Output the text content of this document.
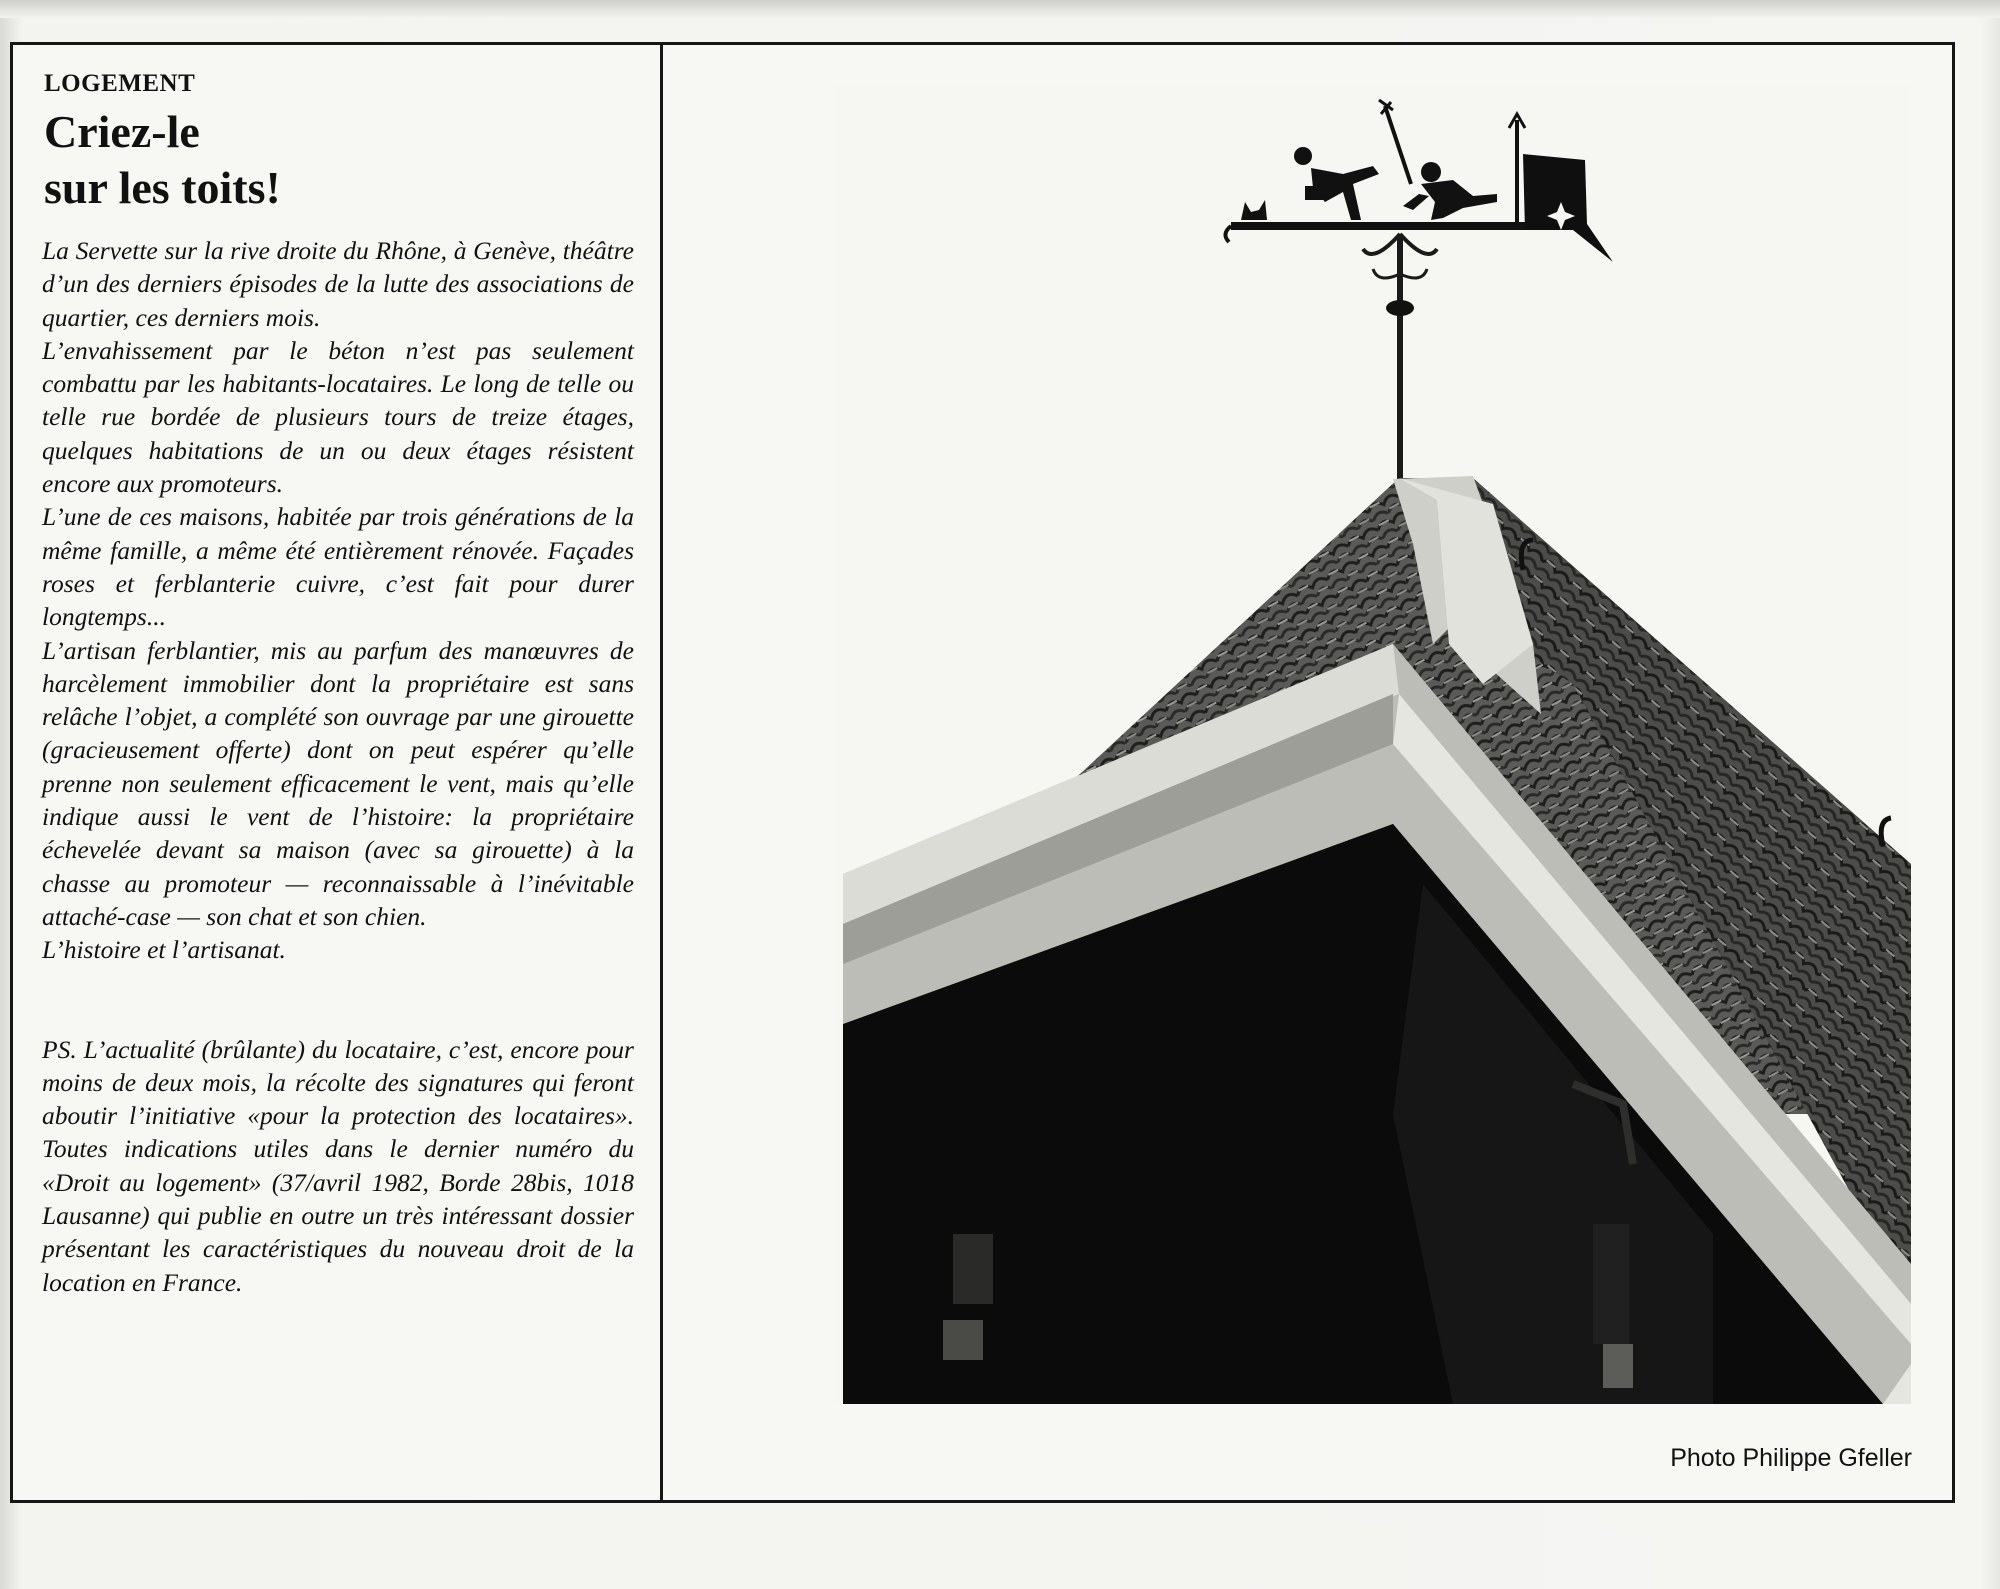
LOGEMENT
Criez-le
sur les toits!

La Servette sur la rive droite du Rhône, à Genève, théâtre d’un des derniers épisodes de la lutte des associations de quartier, ces derniers mois.

L’envahissement par le béton n’est pas seulement combattu par les habitants-locataires. Le long de telle ou telle rue bordée de plusieurs tours de treize étages, quelques habitations de un ou deux étages résistent encore aux promoteurs.

L’une de ces maisons, habitée par trois générations de la même famille, a même été entièrement rénovée. Façades roses et ferblanterie cuivre, c’est fait pour durer longtemps...

L’artisan ferblantier, mis au parfum des manœuvres de harcèlement immobilier dont la propriétaire est sans relâche l’objet, a complété son ouvrage par une girouette (gracieusement offerte) dont on peut espérer qu’elle prenne non seulement efficacement le vent, mais qu’elle indique aussi le vent de l’histoire: la propriétaire échevelée devant sa maison (avec sa girouette) à la chasse au promoteur — reconnaissable à l’inévitable attaché-case — son chat et son chien.

L’histoire et l’artisanat.

PS. L’actualité (brûlante) du locataire, c’est, encore pour moins de deux mois, la récolte des signatures qui feront aboutir l’initiative «pour la protection des locataires». Toutes indications utiles dans le dernier numéro du «Droit au logement» (37/avril 1982, Borde 28bis, 1018 Lausanne) qui publie en outre un très intéressant dossier présentant les caractéristiques du nouveau droit de la location en France.

Photo Philippe Gfeller
